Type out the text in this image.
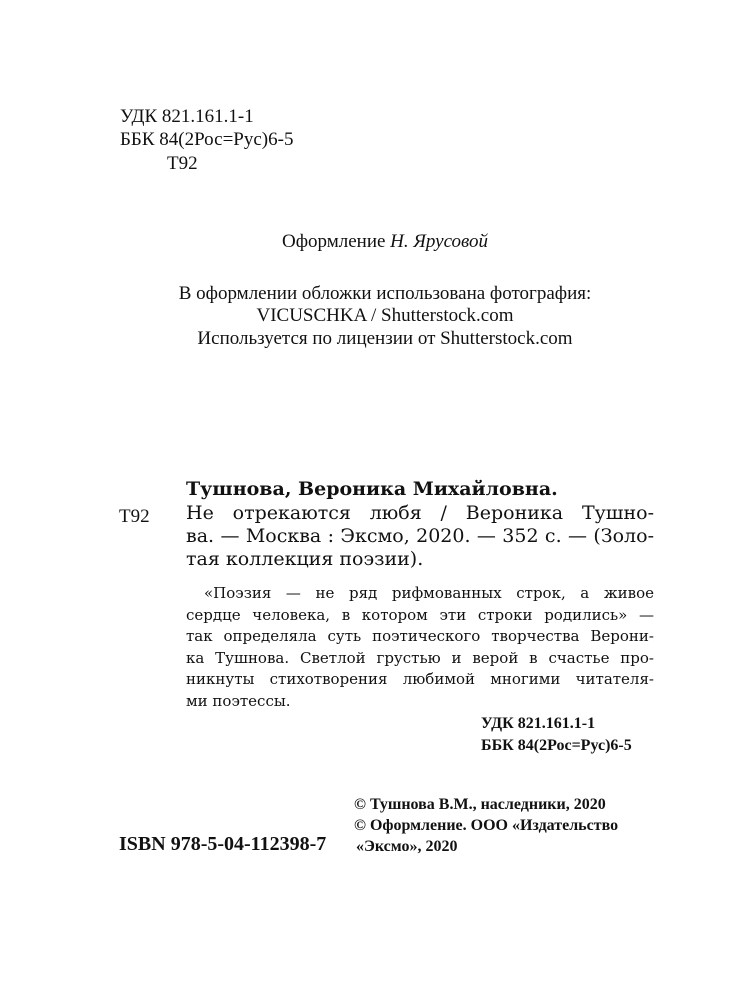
УДК 821.161.1-1
ББК 84(2Рос=Рус)6-5
Т92
Оформление Н. Ярусовой
В оформлении обложки использована фотография:
VICUSCHKA / Shutterstock.com
Используется по лицензии от Shutterstock.com
Тушнова, Вероника Михайловна.
Т92 Не отрекаются любя / Вероника Тушно-
ва. — Москва : Эксмо, 2020. — 352 с. — (Золо-
тая коллекция поэзии).
«Поэзия — не ряд рифмованных строк, а живое
сердце человека, в котором эти строки родились» —
так определяла суть поэтического творчества Верони-
ка Тушнова. Светлой грустью и верой в счастье про-
никнуты стихотворения любимой многими читателя-
ми поэтессы.
УДК 821.161.1-1
ББК 84(2Рос=Рус)6-5
© Тушнова В.М., наследники, 2020
© Оформление. ООО «Издательство
«Эксмо», 2020
ISBN 978-5-04-112398-7
